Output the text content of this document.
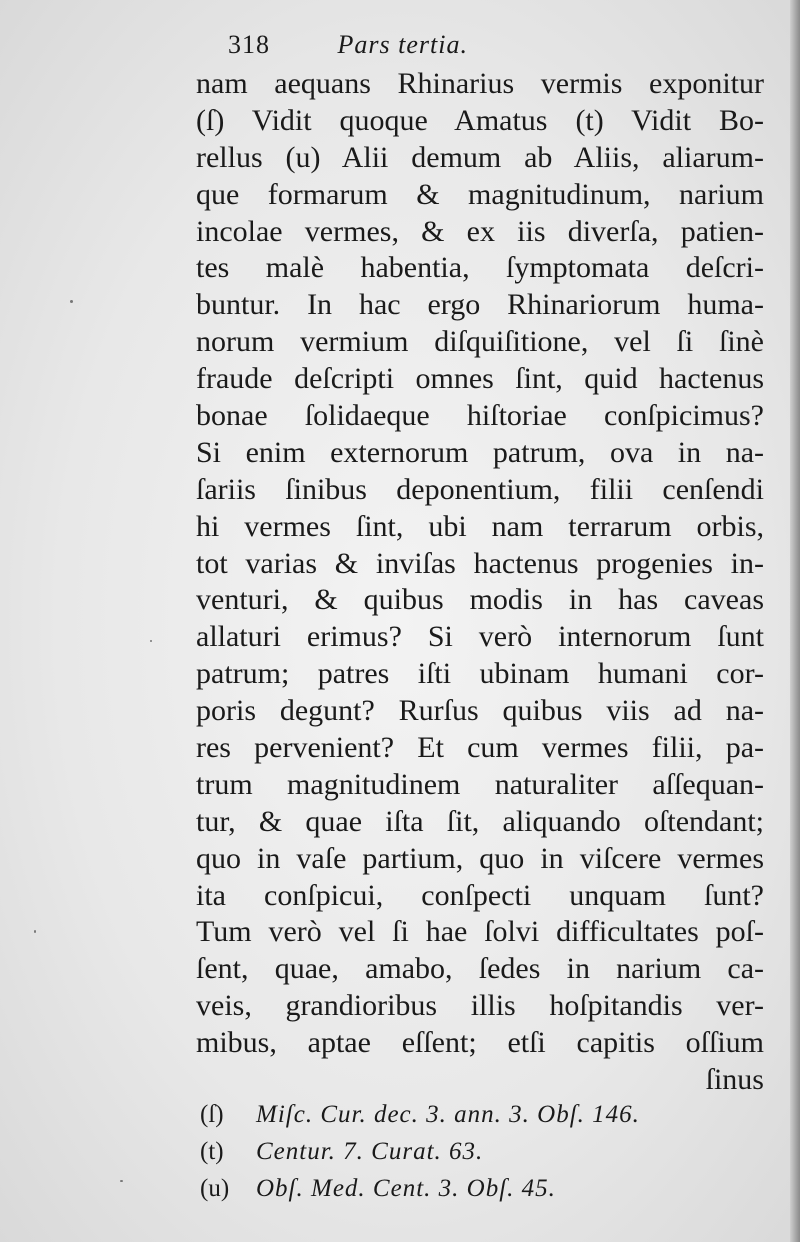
318	Pars tertia.
nam aequans Rhinarius vermis exponitur
(ſ) Vidit quoque Amatus (t) Vidit Bo-
rellus (u) Alii demum ab Aliis, aliarum-
que formarum & magnitudinum, narium
incolae vermes, & ex iis diverſa, patien-
tes malè habentia, ſymptomata deſcri-
buntur. In hac ergo Rhinariorum huma-
norum vermium diſquiſitione, vel ſi ſinè
fraude deſcripti omnes ſint, quid hactenus
bonae ſolidaeque hiſtoriae conſpicimus?
Si enim externorum patrum, ova in na-
ſariis ſinibus deponentium, filii cenſendi
hi vermes ſint, ubi nam terrarum orbis,
tot varias & inviſas hactenus progenies in-
venturi, & quibus modis in has caveas
allaturi erimus? Si verò internorum ſunt
patrum; patres iſti ubinam humani cor-
poris degunt? Rurſus quibus viis ad na-
res pervenient? Et cum vermes filii, pa-
trum magnitudinem naturaliter aſſequan-
tur, & quae iſta ſit, aliquando oſtendant;
quo in vaſe partium, quo in viſcere vermes
ita conſpicui, conſpecti unquam ſunt?
Tum verò vel ſi hae ſolvi difficultates poſ-
ſent, quae, amabo, ſedes in narium ca-
veis, grandioribus illis hoſpitandis ver-
mibus, aptae eſſent; etſi capitis oſſium
ſinus
(ſ) Miſc. Cur. dec. 3. ann. 3. Obſ. 146.
(t) Centur. 7. Curat. 63.
(u) Obſ. Med. Cent. 3. Obſ. 45.
